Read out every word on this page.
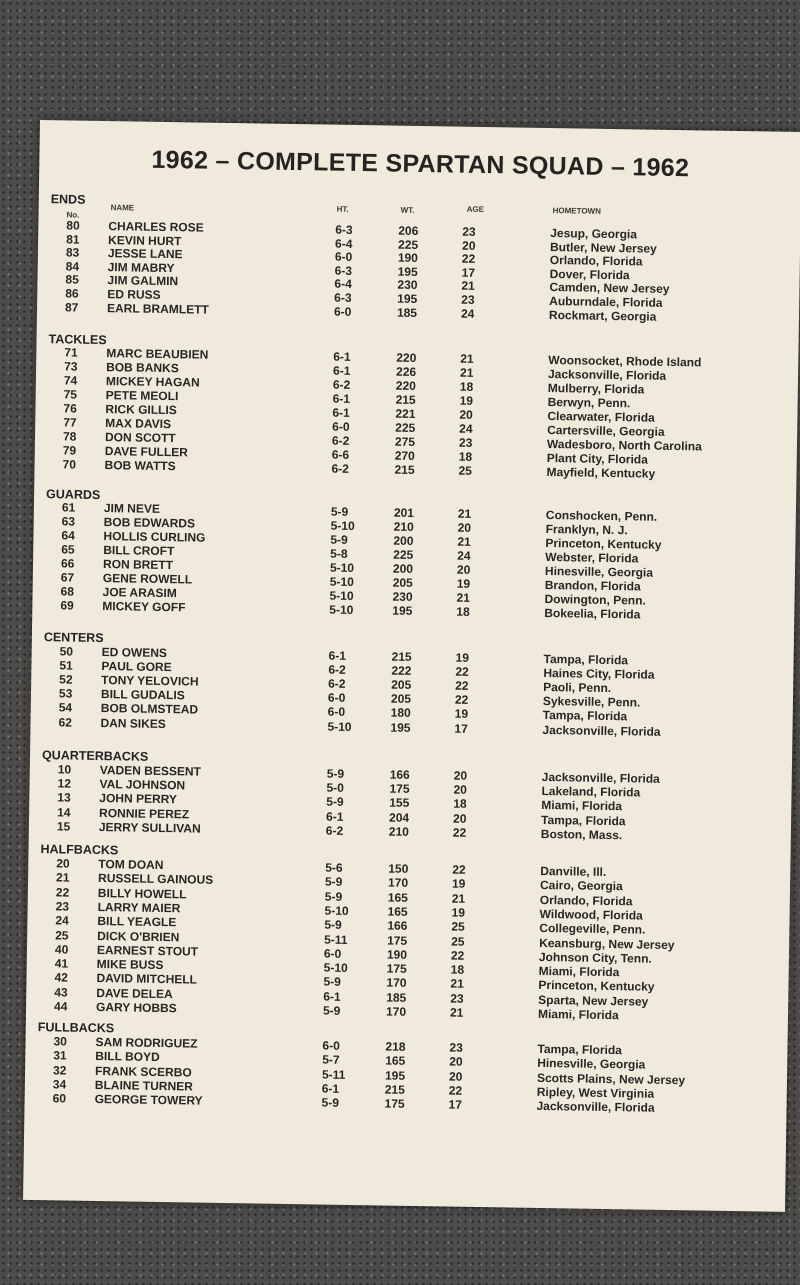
1962 – COMPLETE SPARTAN SQUAD – 1962
No.
NAME	HT.	WT.	AGE	HOMETOWN
ENDS
80 CHARLES ROSE	6-3	206	23	Jesup, Georgia
81 KEVIN HURT	6-4	225	20	Butler, New Jersey
83 JESSE LANE	6-0	190	22	Orlando, Florida
84 JIM MABRY	6-3	195	17	Dover, Florida
85 JIM GALMIN	6-4	230	21	Camden, New Jersey
86 ED RUSS	6-3	195	23	Auburndale, Florida
87 EARL BRAMLETT	6-0	185	24	Rockmart, Georgia
TACKLES
71 MARC BEAUBIEN	6-1	220	21	Woonsocket, Rhode Island
73 BOB BANKS	6-1	226	21	Jacksonville, Florida
74 MICKEY HAGAN	6-2	220	18	Mulberry, Florida
75 PETE MEOLI	6-1	215	19	Berwyn, Penn.
76 RICK GILLIS	6-1	221	20	Clearwater, Florida
77 MAX DAVIS	6-0	225	24	Cartersville, Georgia
78 DON SCOTT	6-2	275	23	Wadesboro, North Carolina
79 DAVE FULLER	6-6	270	18	Plant City, Florida
70 BOB WATTS	6-2	215	25	Mayfield, Kentucky
GUARDS
61 JIM NEVE	5-9	201	21	Conshocken, Penn.
63 BOB EDWARDS	5-10	210	20	Franklyn, N. J.
64 HOLLIS CURLING	5-9	200	21	Princeton, Kentucky
65 BILL CROFT	5-8	225	24	Webster, Florida
66 RON BRETT	5-10	200	20	Hinesville, Georgia
67 GENE ROWELL	5-10	205	19	Brandon, Florida
68 JOE ARASIM	5-10	230	21	Dowington, Penn.
69 MICKEY GOFF	5-10	195	18	Bokeelia, Florida
CENTERS
50 ED OWENS	6-1	215	19	Tampa, Florida
51 PAUL GORE	6-2	222	22	Haines City, Florida
52 TONY YELOVICH	6-2	205	22	Paoli, Penn.
53 BILL GUDALIS	6-0	205	22	Sykesville, Penn.
54 BOB OLMSTEAD	6-0	180	19	Tampa, Florida
62 DAN SIKES	5-10	195	17	Jacksonville, Florida
QUARTERBACKS
10 VADEN BESSENT	5-9	166	20	Jacksonville, Florida
12 VAL JOHNSON	5-0	175	20	Lakeland, Florida
13 JOHN PERRY	5-9	155	18	Miami, Florida
14 RONNIE PEREZ	6-1	204	20	Tampa, Florida
15 JERRY SULLIVAN	6-2	210	22	Boston, Mass.
HALFBACKS
20 TOM DOAN	5-6	150	22	Danville, Ill.
21 RUSSELL GAINOUS	5-9	170	19	Cairo, Georgia
22 BILLY HOWELL	5-9	165	21	Orlando, Florida
23 LARRY MAIER	5-10	165	19	Wildwood, Florida
24 BILL YEAGLE	5-9	166	25	Collegeville, Penn.
25 DICK O'BRIEN	5-11	175	25	Keansburg, New Jersey
40 EARNEST STOUT	6-0	190	22	Johnson City, Tenn.
41 MIKE BUSS	5-10	175	18	Miami, Florida
42 DAVID MITCHELL	5-9	170	21	Princeton, Kentucky
43 DAVE DELEA	6-1	185	23	Sparta, New Jersey
44 GARY HOBBS	5-9	170	21	Miami, Florida
FULLBACKS
30 SAM RODRIGUEZ	6-0	218	23	Tampa, Florida
31 BILL BOYD	5-7	165	20	Hinesville, Georgia
32 FRANK SCERBO	5-11	195	20	Scotts Plains, New Jersey
34 BLAINE TURNER	6-1	215	22	Ripley, West Virginia
60 GEORGE TOWERY	5-9	175	17	Jacksonville, Florida
